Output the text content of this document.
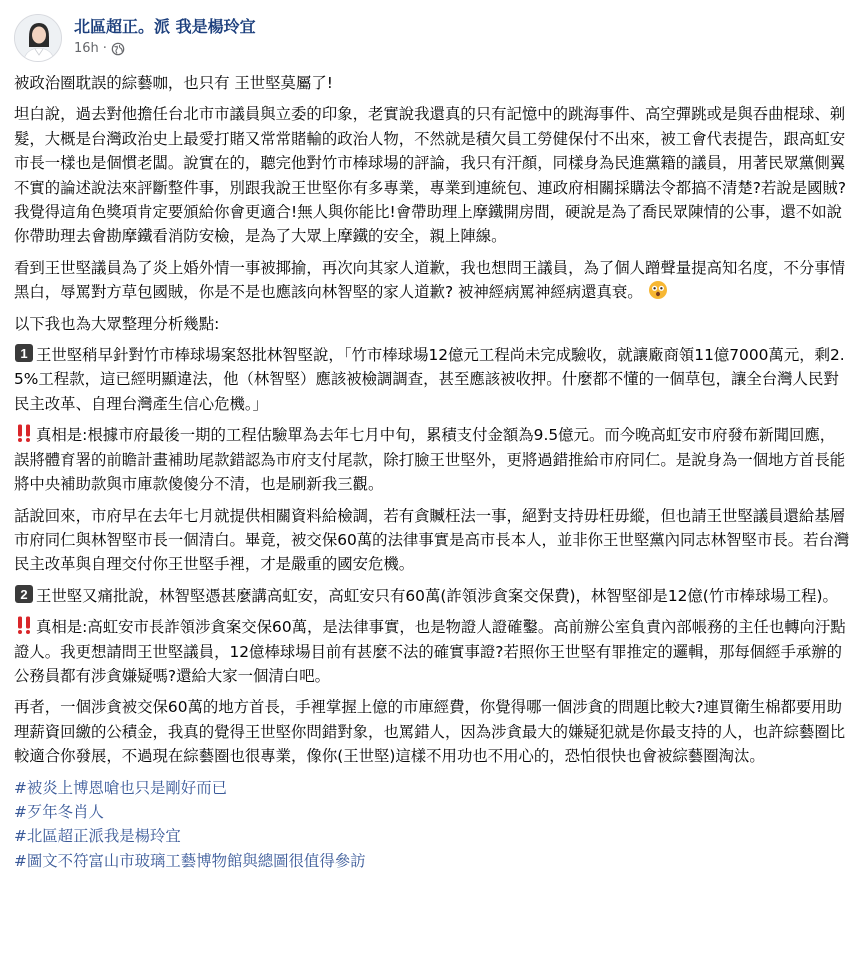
北區超正。派 我是楊玲宜
16h ·

被政治圈耽誤的綜藝咖，也只有 王世堅莫屬了!

坦白說，過去對他擔任台北市市議員與立委的印象，老實說我還真的只有記憶中的跳海事件、高空彈跳或是與吞曲棍球、剃髮，大概是台灣政治史上最愛打賭又常常賭輸的政治人物，不然就是積欠員工勞健保付不出來，被工會代表提告，跟高虹安市長一樣也是個慣老闆。說實在的，聽完他對竹市棒球場的評論，我只有汗顏，同樣身為民進黨籍的議員，用著民眾黨側翼不實的論述說法來評斷整件事，別跟我說王世堅你有多專業，專業到連統包、連政府相關採購法令都搞不清楚?若說是國賊?我覺得這角色獎項肯定要頒給你會更適合!無人與你能比!會帶助理上摩鐵開房間，硬說是為了喬民眾陳情的公事，還不如說你帶助理去會勘摩鐵看消防安檢，是為了大眾上摩鐵的安全，親上陣線。

看到王世堅議員為了炎上婚外情一事被揶揄，再次向其家人道歉，我也想問王議員，為了個人蹭聲量提高知名度，不分事情黑白，辱罵對方草包國賊，你是不是也應該向林智堅的家人道歉? 被神經病罵神經病還真衰。

以下我也為大眾整理分析幾點:

1 王世堅稍早針對竹市棒球場案怒批林智堅說，「竹市棒球場12億元工程尚未完成驗收，就讓廠商領11億7000萬元，剩2.5%工程款，這已經明顯違法，他（林智堅）應該被檢調調查，甚至應該被收押。什麼都不懂的一個草包，讓全台灣人民對民主改革、自理台灣產生信心危機。」

真相是:根據市府最後一期的工程估驗單為去年七月中旬，累積支付金額為9.5億元。而今晚高虹安市府發布新聞回應，誤將體育署的前瞻計畫補助尾款錯認為市府支付尾款，除打臉王世堅外，更將過錯推給市府同仁。是說身為一個地方首長能將中央補助款與市庫款傻傻分不清，也是刷新我三觀。

話說回來，市府早在去年七月就提供相關資料給檢調，若有貪贓枉法一事，絕對支持毋枉毋縱，但也請王世堅議員還給基層市府同仁與林智堅市長一個清白。畢竟，被交保60萬的法律事實是高市長本人，並非你王世堅黨內同志林智堅市長。若台灣民主改革與自理交付你王世堅手裡，才是嚴重的國安危機。

2 王世堅又痛批說，林智堅憑甚麼講高虹安，高虹安只有60萬(詐領涉貪案交保費)，林智堅卻是12億(竹市棒球場工程)。

真相是:高虹安市長詐領涉貪案交保60萬，是法律事實，也是物證人證確鑿。高前辦公室負責內部帳務的主任也轉向汙點證人。我更想請問王世堅議員，12億棒球場目前有甚麼不法的確實事證?若照你王世堅有罪推定的邏輯，那每個經手承辦的公務員都有涉貪嫌疑嗎?還給大家一個清白吧。

再者，一個涉貪被交保60萬的地方首長，手裡掌握上億的市庫經費，你覺得哪一個涉貪的問題比較大?連買衛生棉都要用助理薪資回繳的公積金，我真的覺得王世堅你問錯對象，也罵錯人，因為涉貪最大的嫌疑犯就是你最支持的人，也許綜藝圈比較適合你發展，不過現在綜藝圈也很專業，像你(王世堅)這樣不用功也不用心的，恐怕很快也會被綜藝圈淘汰。

#被炎上博恩嗆也只是剛好而已
#歹年冬肖人
#北區超正派我是楊玲宜
#圖文不符富山市玻璃工藝博物館與總圖很值得參訪
